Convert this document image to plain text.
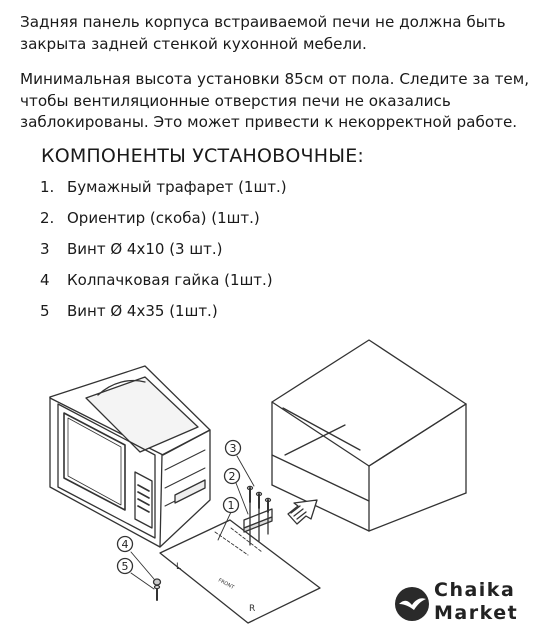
Задняя панель корпуса встраиваемой печи не должна быть закрыта задней стенкой кухонной мебели.

Минимальная высота установки 85см от пола. Следите за тем, чтобы вентиляционные отверстия печи не оказались заблокированы. Это может привести к некорректной работе.

КОМПОНЕНТЫ УСТАНОВОЧНЫЕ:
1. Бумажный трафарет (1шт.)
2. Ориентир (скоба) (1шт.)
3	Винт Ø 4x10 (3 шт.)
4	Колпачковая гайка (1шт.)
5	Винт Ø 4x35 (1шт.)
L
FRONT
R
3
2
1
4
5
Chaika
Market
